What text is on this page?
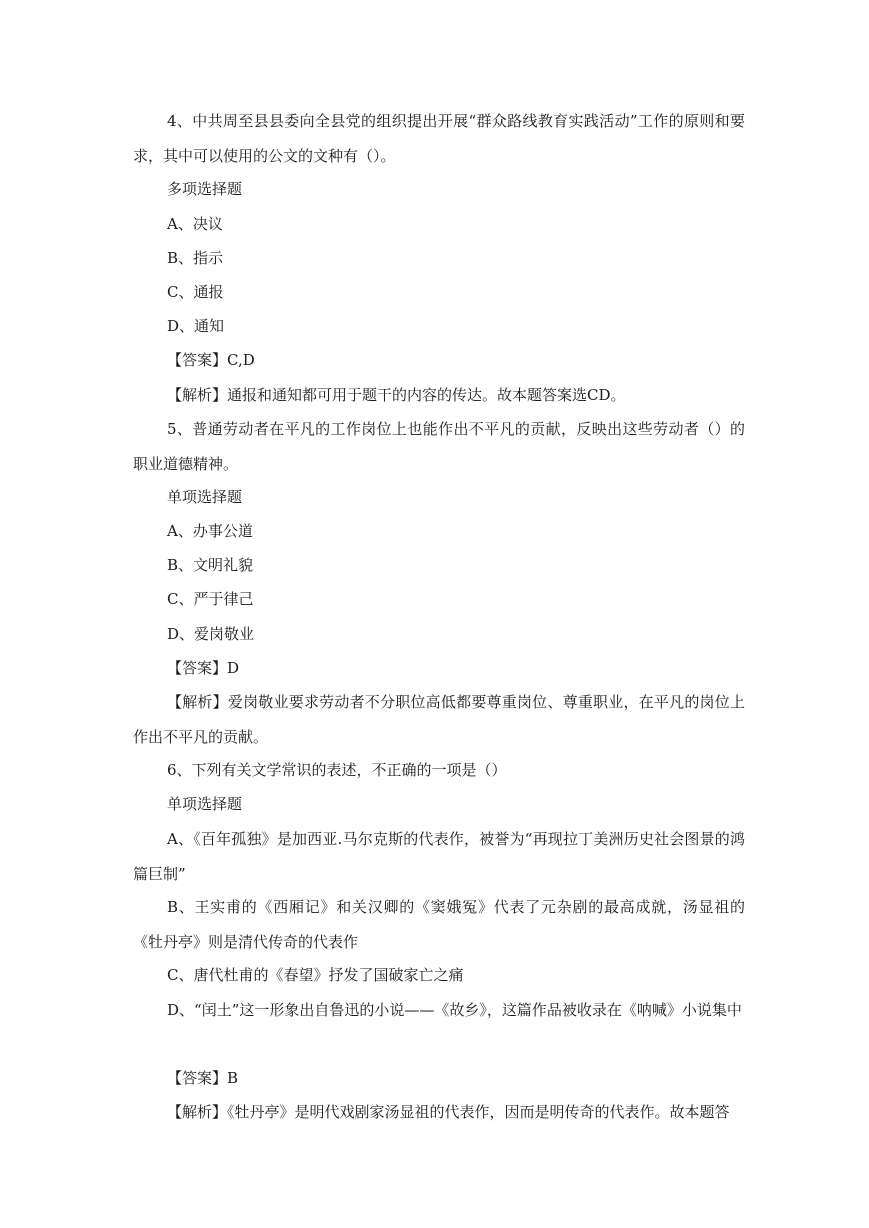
4、中共周至县县委向全县党的组织提出开展“群众路线教育实践活动”工作的原则和要求，其中可以使用的公文的文种有（）。

多项选择题

A、决议

B、指示

C、通报

D、通知

【答案】C,D

【解析】通报和通知都可用于题干的内容的传达。故本题答案选CD。

5、普通劳动者在平凡的工作岗位上也能作出不平凡的贡献，反映出这些劳动者（）的职业道德精神。

单项选择题

A、办事公道

B、文明礼貌

C、严于律己

D、爱岗敬业

【答案】D

【解析】爱岗敬业要求劳动者不分职位高低都要尊重岗位、尊重职业，在平凡的岗位上作出不平凡的贡献。

6、下列有关文学常识的表述，不正确的一项是（）

单项选择题

A、《百年孤独》是加西亚.马尔克斯的代表作，被誉为“再现拉丁美洲历史社会图景的鸿篇巨制”

B、王实甫的《西厢记》和关汉卿的《窦娥冤》代表了元杂剧的最高成就，汤显祖的《牡丹亭》则是清代传奇的代表作

C、唐代杜甫的《春望》抒发了国破家亡之痛

D、“闰土”这一形象出自鲁迅的小说——《故乡》，这篇作品被收录在《呐喊》小说集中

【答案】B

【解析】《牡丹亭》是明代戏剧家汤显祖的代表作，因而是明传奇的代表作。故本题答
